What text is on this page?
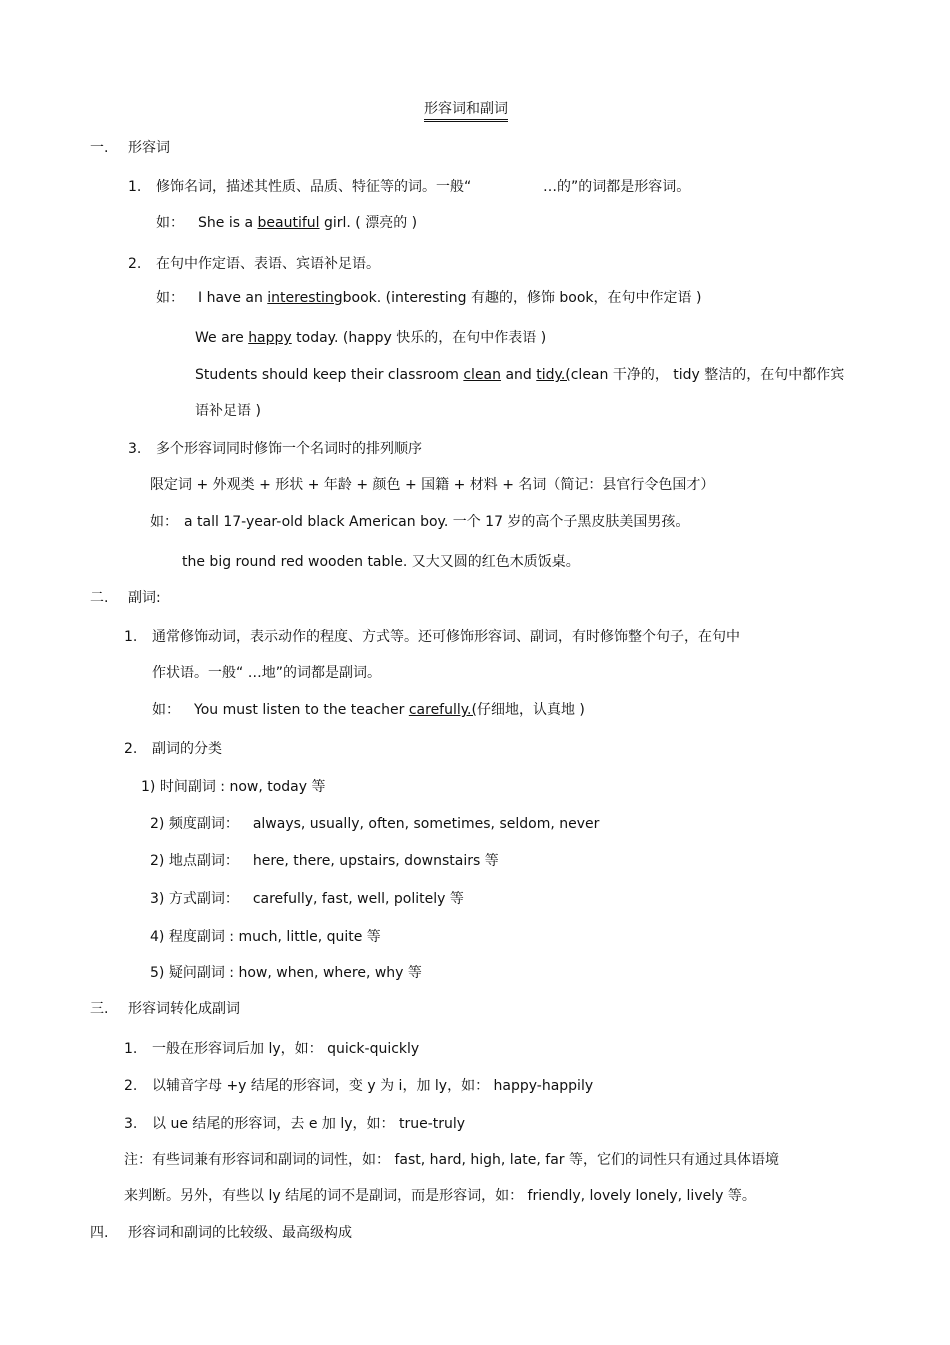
形容词和副词
一. 形容词
1. 修饰名词，描述其性质、品质、特征等的词。一般“	…的”的词都是形容词。
如： She is a beautiful girl. ( 漂亮的 )
2. 在句中作定语、表语、宾语补足语。
如： I have an interestingbook. (interesting 有趣的，修饰 book，在句中作定语 )
We are happy today. (happy 快乐的，在句中作表语 )
Students should keep their classroom clean and tidy.(clean 干净的， tidy 整洁的，在句中都作宾
语补足语 )
3. 多个形容词同时修饰一个名词时的排列顺序
限定词 + 外观类 + 形状 + 年龄 + 颜色 + 国籍 + 材料 + 名词（简记：县官行令色国才）
如： a tall 17-year-old black American boy. 一个 17 岁的高个子黑皮肤美国男孩。
the big round red wooden table. 又大又圆的红色木质饭桌。
二. 副词:
1. 通常修饰动词，表示动作的程度、方式等。还可修饰形容词、副词，有时修饰整个句子，在句中
作状语。一般“ …地”的词都是副词。
如： You must listen to the teacher carefully.(仔细地，认真地 )
2. 副词的分类
1) 时间副词 : now, today 等
2) 频度副词： always, usually, often, sometimes, seldom, never
2) 地点副词： here, there, upstairs, downstairs 等
3) 方式副词： carefully, fast, well, politely 等
4) 程度副词 : much, little, quite 等
5) 疑问副词 : how, when, where, why 等
三. 形容词转化成副词
1. 一般在形容词后加 ly，如： quick-quickly
2. 以辅音字母 +y 结尾的形容词，变 y 为 i，加 ly，如： happy-happily
3. 以 ue 结尾的形容词，去 e 加 ly，如： true-truly
注：有些词兼有形容词和副词的词性，如： fast, hard, high, late, far 等，它们的词性只有通过具体语境
来判断。另外，有些以 ly 结尾的词不是副词，而是形容词，如： friendly, lovely lonely, lively 等。
四. 形容词和副词的比较级、最高级构成
